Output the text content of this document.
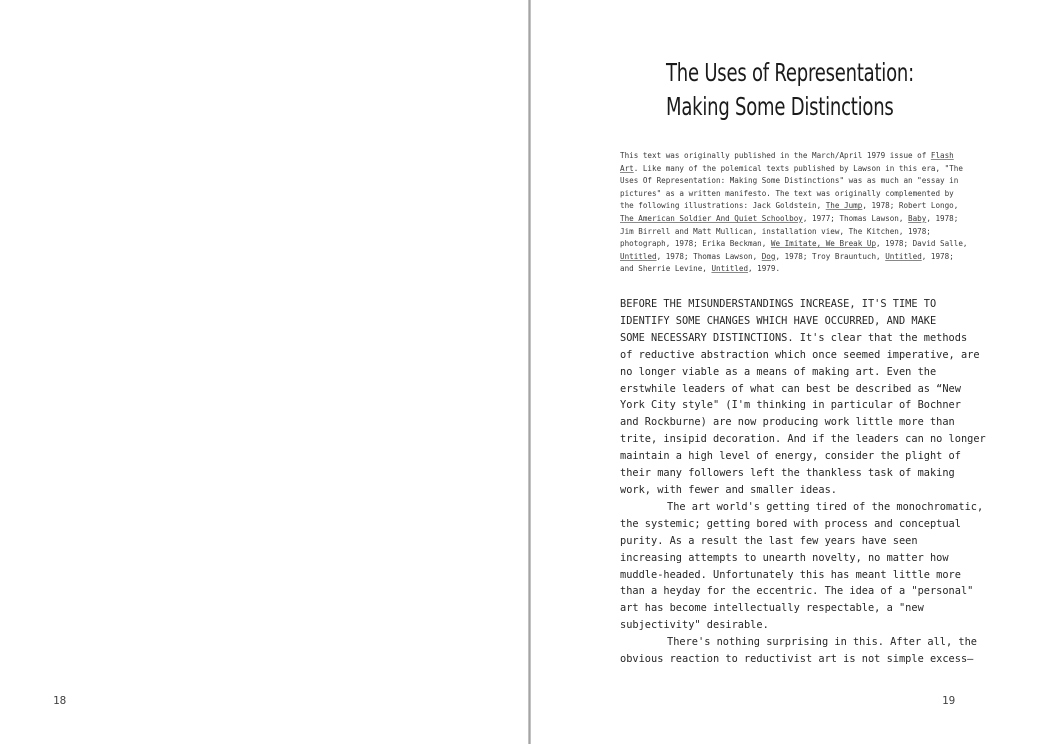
18
The Uses of Representation:
Making Some Distinctions
This text was originally published in the March/April 1979 issue of Flash
Art. Like many of the polemical texts published by Lawson in this era, "The
Uses Of Representation: Making Some Distinctions" was as much an "essay in
pictures" as a written manifesto. The text was originally complemented by
the following illustrations: Jack Goldstein, The Jump, 1978; Robert Longo,
The American Soldier And Quiet Schoolboy, 1977; Thomas Lawson, Baby, 1978;
Jim Birrell and Matt Mullican, installation view, The Kitchen, 1978;
photograph, 1978; Erika Beckman, We Imitate, We Break Up, 1978; David Salle,
Untitled, 1978; Thomas Lawson, Dog, 1978; Troy Brauntuch, Untitled, 1978;
and Sherrie Levine, Untitled, 1979.
BEFORE THE MISUNDERSTANDINGS INCREASE, IT'S TIME TO
IDENTIFY SOME CHANGES WHICH HAVE OCCURRED, AND MAKE
SOME NECESSARY DISTINCTIONS. It's clear that the methods
of reductive abstraction which once seemed imperative, are
no longer viable as a means of making art. Even the
erstwhile leaders of what can best be described as “New
York City style" (I'm thinking in particular of Bochner
and Rockburne) are now producing work little more than
trite, insipid decoration. And if the leaders can no longer
maintain a high level of energy, consider the plight of
their many followers left the thankless task of making
work, with fewer and smaller ideas.
The art world's getting tired of the monochromatic,
the systemic; getting bored with process and conceptual
purity. As a result the last few years have seen
increasing attempts to unearth novelty, no matter how
muddle-headed. Unfortunately this has meant little more
than a heyday for the eccentric. The idea of a "personal"
art has become intellectually respectable, a "new
subjectivity" desirable.
There's nothing surprising in this. After all, the
obvious reaction to reductivist art is not simple excess—
19
